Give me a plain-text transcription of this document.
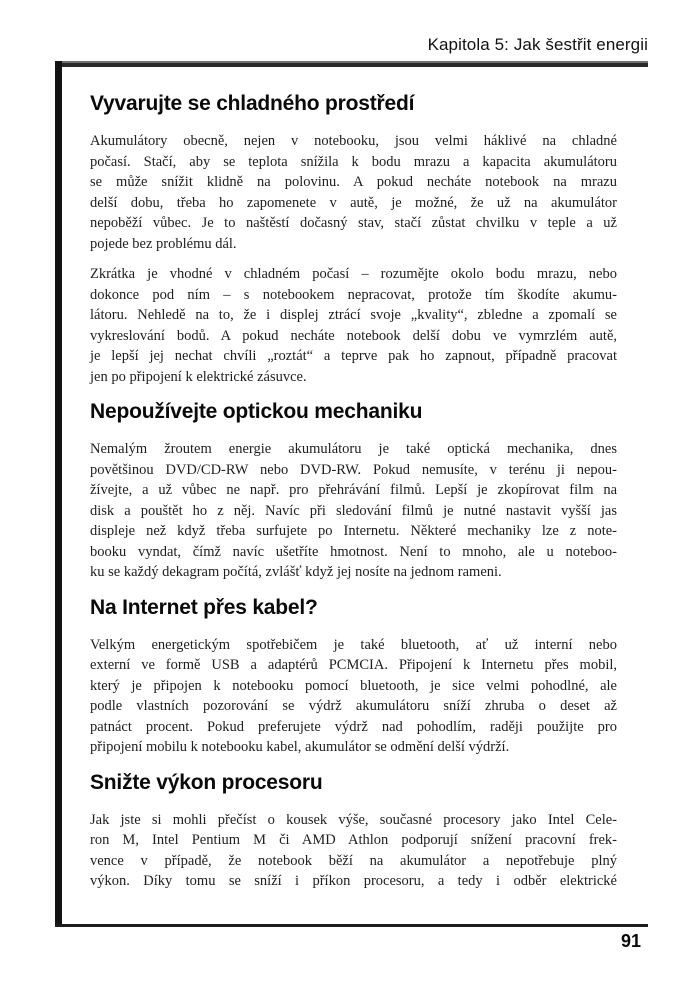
Kapitola 5: Jak šestřit energii
Vyvarujte se chladného prostředí
Akumulátory obecně, nejen v notebooku, jsou velmi háklivé na chladné
počasí. Stačí, aby se teplota snížila k bodu mrazu a kapacita akumulátoru
se může snížit klidně na polovinu. A pokud necháte notebook na mrazu
delší dobu, třeba ho zapomenete v autě, je možné, že už na akumulátor
nepoběží vůbec. Je to naštěstí dočasný stav, stačí zůstat chvilku v teple a už
pojede bez problému dál.
Zkrátka je vhodné v chladném počasí – rozumějte okolo bodu mrazu, nebo
dokonce pod ním – s notebookem nepracovat, protože tím škodíte akumu-
látoru. Nehledě na to, že i displej ztrácí svoje „kvality“, zbledne a zpomalí se
vykreslování bodů. A pokud necháte notebook delší dobu ve vymrzlém autě,
je lepší jej nechat chvíli „roztát“ a teprve pak ho zapnout, případně pracovat
jen po připojení k elektrické zásuvce.
Nepoužívejte optickou mechaniku
Nemalým žroutem energie akumulátoru je také optická mechanika, dnes
povětšinou DVD/CD-RW nebo DVD-RW. Pokud nemusíte, v terénu ji nepou-
žívejte, a už vůbec ne např. pro přehrávání filmů. Lepší je zkopírovat film na
disk a pouštět ho z něj. Navíc při sledování filmů je nutné nastavit vyšší jas
displeje než když třeba surfujete po Internetu. Některé mechaniky lze z note-
booku vyndat, čímž navíc ušetříte hmotnost. Není to mnoho, ale u noteboo-
ku se každý dekagram počítá, zvlášť když jej nosíte na jednom rameni.
Na Internet přes kabel?
Velkým energetickým spotřebičem je také bluetooth, ať už interní nebo
externí ve formě USB a adaptérů PCMCIA. Připojení k Internetu přes mobil,
který je připojen k notebooku pomocí bluetooth, je sice velmi pohodlné, ale
podle vlastních pozorování se výdrž akumulátoru sníží zhruba o deset až
patnáct procent. Pokud preferujete výdrž nad pohodlím, raději použijte pro
připojení mobilu k notebooku kabel, akumulátor se odmění delší výdrží.
Snižte výkon procesoru
Jak jste si mohli přečíst o kousek výše, současné procesory jako Intel Cele-
ron M, Intel Pentium M či AMD Athlon podporují snížení pracovní frek-
vence v případě, že notebook běží na akumulátor a nepotřebuje plný
výkon. Díky tomu se sníží i příkon procesoru, a tedy i odběr elektrické
91
